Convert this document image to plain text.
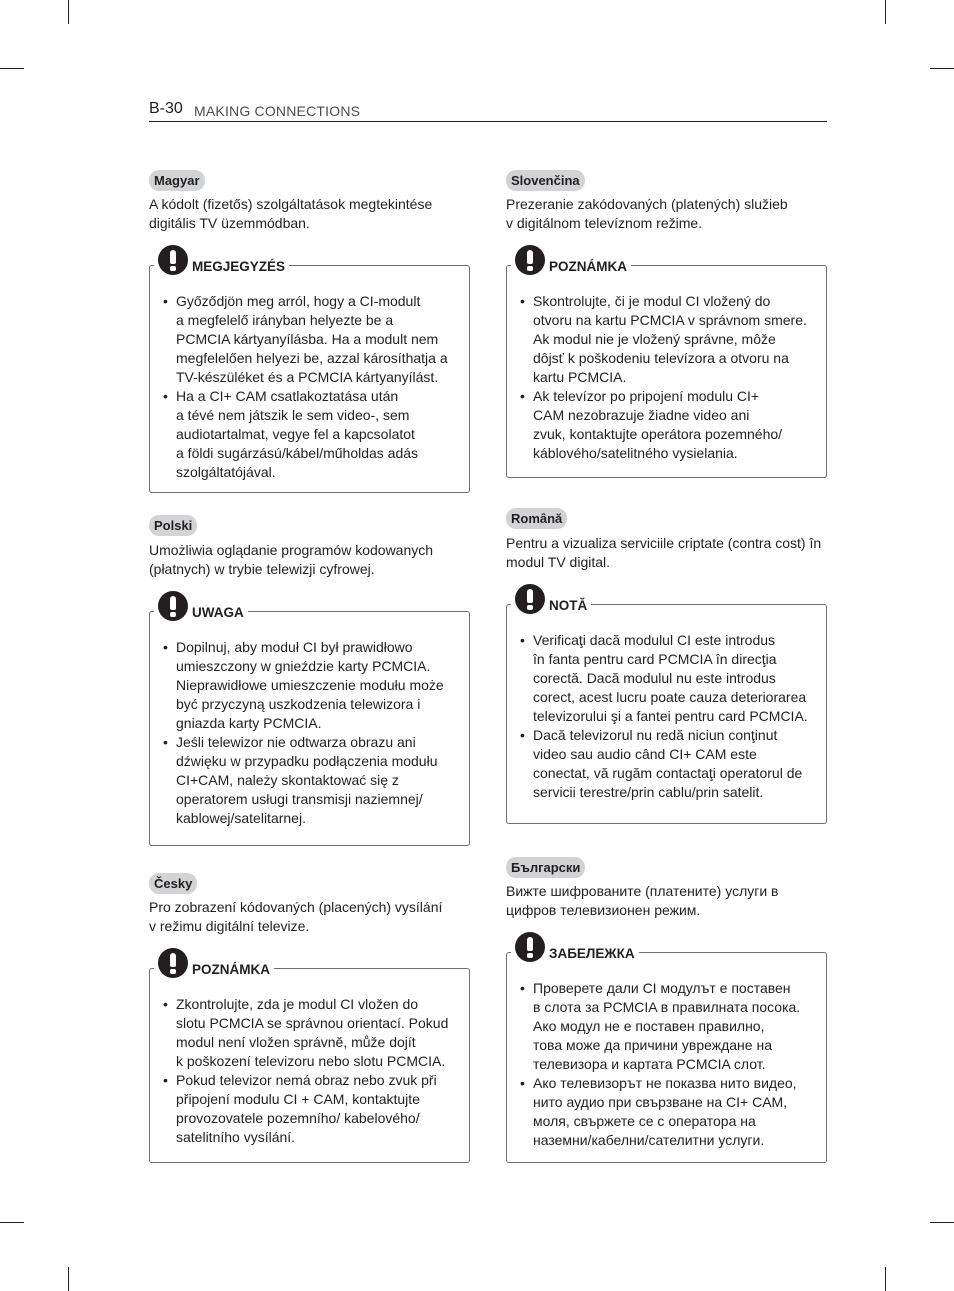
B-30 MAKING CONNECTIONS
Magyar
A kódolt (fizetős) szolgáltatások megtekintése
digitális TV üzemmódban.
MEGJEGYZÉS
• Győződjön meg arról, hogy a CI-modult
a megfelelő irányban helyezte be a
PCMCIA kártyanyílásba. Ha a modult nem
megfelelően helyezi be, azzal károsíthatja a
TV-készüléket és a PCMCIA kártyanyílást.
• Ha a CI+ CAM csatlakoztatása után
a tévé nem játszik le sem video-, sem
audiotartalmat, vegye fel a kapcsolatot
a földi sugárzású/kábel/műholdas adás
szolgáltatójával.
Polski
Umożliwia oglądanie programów kodowanych
(płatnych) w trybie telewizji cyfrowej.
UWAGA
• Dopilnuj, aby moduł CI był prawidłowo
umieszczony w gnieździe karty PCMCIA.
Nieprawidłowe umieszczenie modułu może
być przyczyną uszkodzenia telewizora i
gniazda karty PCMCIA.
• Jeśli telewizor nie odtwarza obrazu ani
dźwięku w przypadku podłączenia modułu
CI+CAM, należy skontaktować się z
operatorem usługi transmisji naziemnej/
kablowej/satelitarnej.
Česky
Pro zobrazení kódovaných (placených) vysílání
v režimu digitální televize.
POZNÁMKA
• Zkontrolujte, zda je modul CI vložen do
slotu PCMCIA se správnou orientací. Pokud
modul není vložen správně, může dojít
k poškození televizoru nebo slotu PCMCIA.
• Pokud televizor nemá obraz nebo zvuk při
připojení modulu CI + CAM, kontaktujte
provozovatele pozemního/ kabelového/
satelitního vysílání.
Slovenčina
Prezeranie zakódovaných (platených) služieb
v digitálnom televíznom režime.
POZNÁMKA
• Skontrolujte, či je modul CI vložený do
otvoru na kartu PCMCIA v správnom smere.
Ak modul nie je vložený správne, môže
dôjsť k poškodeniu televízora a otvoru na
kartu PCMCIA.
• Ak televízor po pripojení modulu CI+
CAM nezobrazuje žiadne video ani
zvuk, kontaktujte operátora pozemného/
káblového/satelitného vysielania.
Română
Pentru a vizualiza serviciile criptate (contra cost) în
modul TV digital.
NOTĂ
• Verificaţi dacă modulul CI este introdus
în fanta pentru card PCMCIA în direcţia
corectă. Dacă modulul nu este introdus
corect, acest lucru poate cauza deteriorarea
televizorului şi a fantei pentru card PCMCIA.
• Dacă televizorul nu redă niciun conţinut
video sau audio când CI+ CAM este
conectat, vă rugăm contactaţi operatorul de
servicii terestre/prin cablu/prin satelit.
Български
Вижте шифрованите (платените) услуги в
цифров телевизионен режим.
ЗАБЕЛЕЖКА
• Проверете дали CI модулът е поставен
в слота за PCMCIA в правилната посока.
Ако модул не е поставен правилно,
това може да причини увреждане на
телевизора и картата PCMCIA слот.
• Ако телевизорът не показва нито видео,
нито аудио при свързване на CI+ CAM,
моля, свържете се с оператора на
наземни/кабелни/сателитни услуги.
